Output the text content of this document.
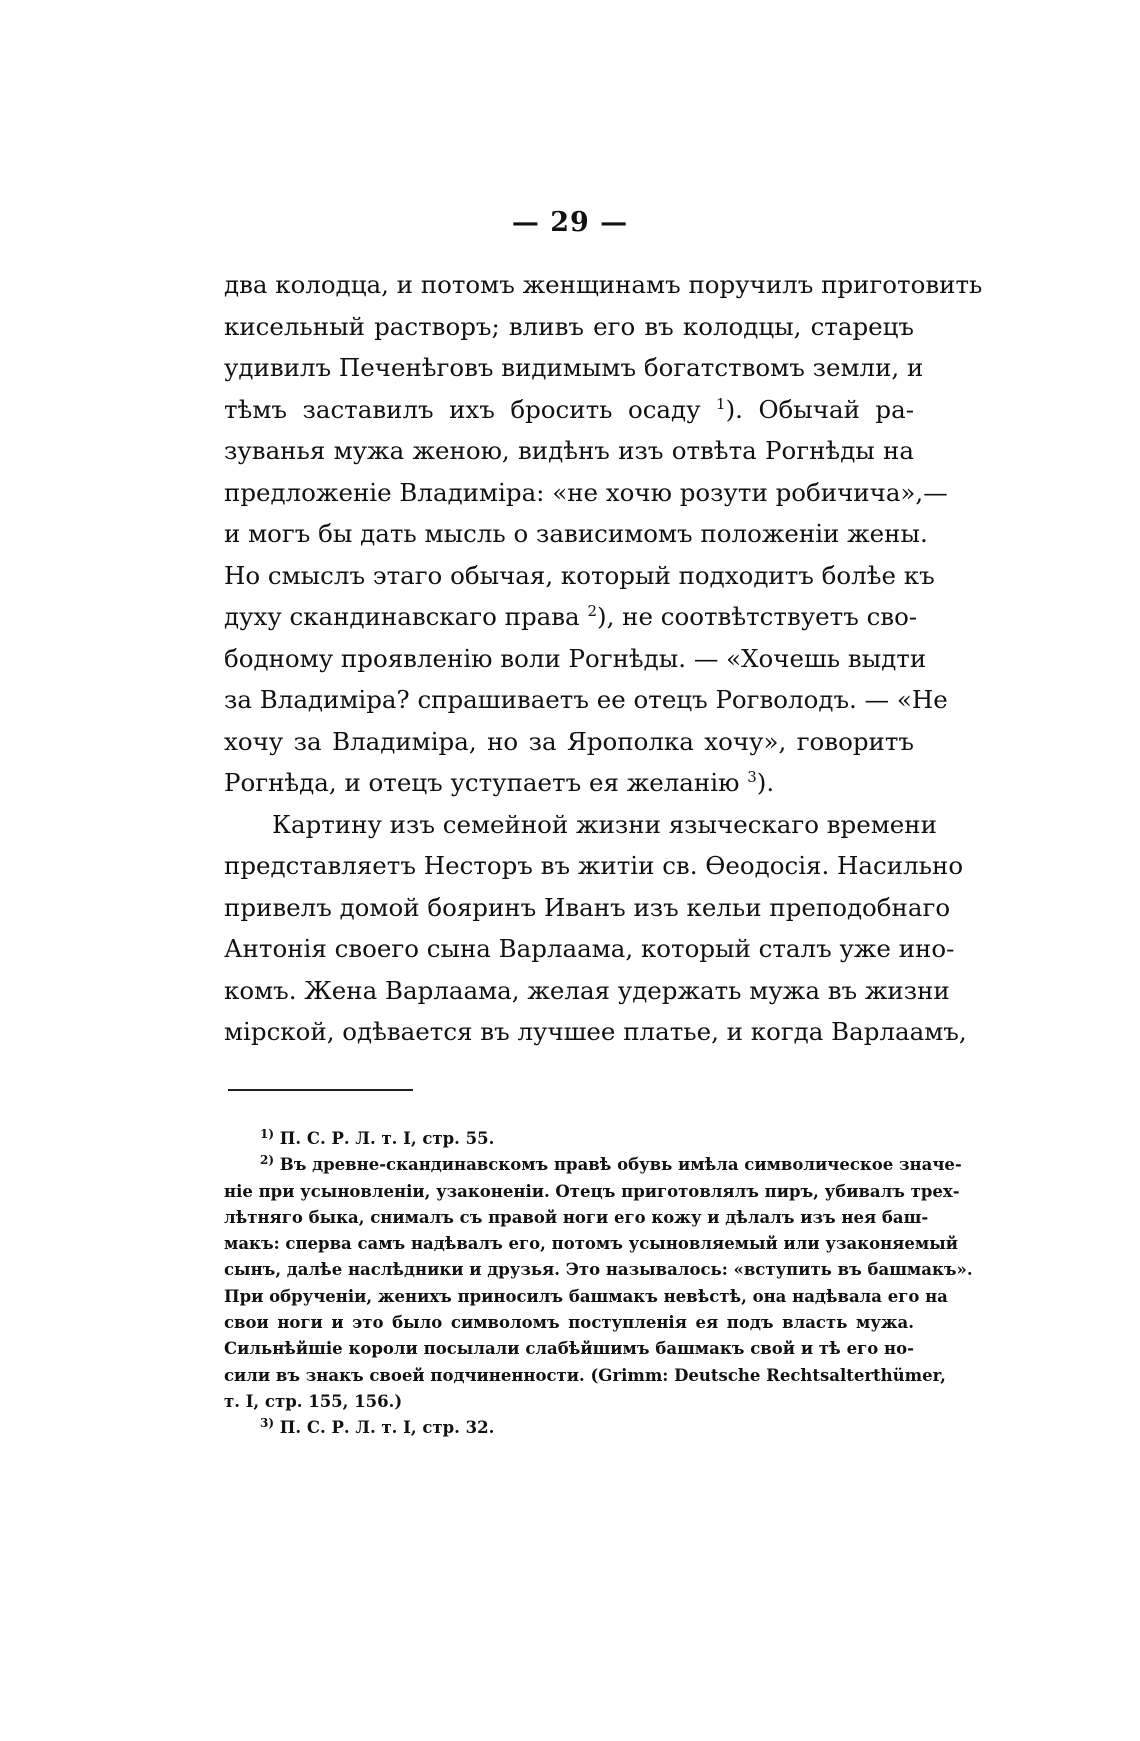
— 29 —
два колодца, и потомъ женщинамъ поручилъ приготовить
кисельный растворъ; вливъ его въ колодцы, старецъ
удивилъ Печенѣговъ видимымъ богатствомъ земли, и
тѣмъ заставилъ ихъ бросить осаду $^1$). Обычай ра-
зуванья мужа женою, видѣнъ изъ отвѣта Рогнѣды на
предложеніе Владиміра: «не хочю розути робичича»,—
и могъ бы дать мысль о зависимомъ положеніи жены.
Но смыслъ этаго обычая, который подходитъ болѣе къ
духу скандинавскаго права $^2$), не соотвѣтствуетъ сво-
бодному проявленію воли Рогнѣды. — «Хочешь выдти
за Владиміра? спрашиваетъ ее отецъ Рогволодъ. — «Не
хочу за Владиміра, но за Ярополка хочу», говоритъ
Рогнѣда, и отецъ уступаетъ ея желанію $^3$).
Картину изъ семейной жизни языческаго времени
представляетъ Несторъ въ житіи св. Ѳеодосія. Насильно
привелъ домой бояринъ Иванъ изъ кельи преподобнаго
Антонія своего сына Варлаама, который сталъ уже ино-
комъ. Жена Варлаама, желая удержать мужа въ жизни
мірской, одѣвается въ лучшее платье, и когда Варлаамъ,
$^{1)}$ П. С. Р. Л. т. I, стр. 55.
$^{2)}$ Въ древне-скандинавскомъ правѣ обувь имѣла символическое значе-
ніе при усыновленіи, узаконеніи. Отецъ приготовлялъ пиръ, убивалъ трех-
лѣтняго быка, снималъ съ правой ноги его кожу и дѣлалъ изъ нея баш-
макъ: сперва самъ надѣвалъ его, потомъ усыновляемый или узаконяемый
сынъ, далѣе наслѣдники и друзья. Это называлось: «вступить въ башмакъ».
При обрученіи, женихъ приносилъ башмакъ невѣстѣ, она надѣвала его на
свои ноги и это было символомъ поступленія ея подъ власть мужа.
Сильнѣйшіе короли посылали слабѣйшимъ башмакъ свой и тѣ его но-
сили въ знакъ своей подчиненности. (Grimm: Deutsche Rechtsalterthümer,
т. I, стр. 155, 156.)
$^{3)}$ П. С. Р. Л. т. I, стр. 32.
